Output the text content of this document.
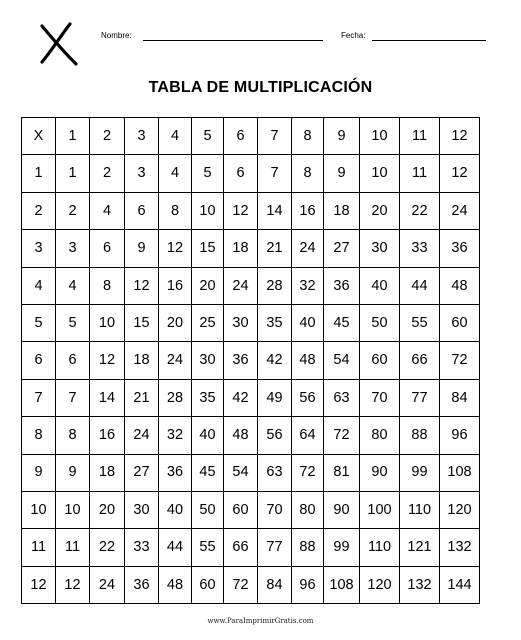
Nombre:	Fecha:
TABLA DE MULTIPLICACIÓN
X	1	2	3	4	5	6	7	8	9	10	11	12
1	1	2	3	4	5	6	7	8	9	10	11	12
2	2	4	6	8	10	12	14	16	18	20	22	24
3	3	6	9	12	15	18	21	24	27	30	33	36
4	4	8	12	16	20	24	28	32	36	40	44	48
5	5	10	15	20	25	30	35	40	45	50	55	60
6	6	12	18	24	30	36	42	48	54	60	66	72
7	7	14	21	28	35	42	49	56	63	70	77	84
8	8	16	24	32	40	48	56	64	72	80	88	96
9	9	18	27	36	45	54	63	72	81	90	99	108
10	10	20	30	40	50	60	70	80	90	100	110	120
11	11	22	33	44	55	66	77	88	99	110	121	132
12	12	24	36	48	60	72	84	96	108	120	132	144
www.ParaImprimirGratis.com
